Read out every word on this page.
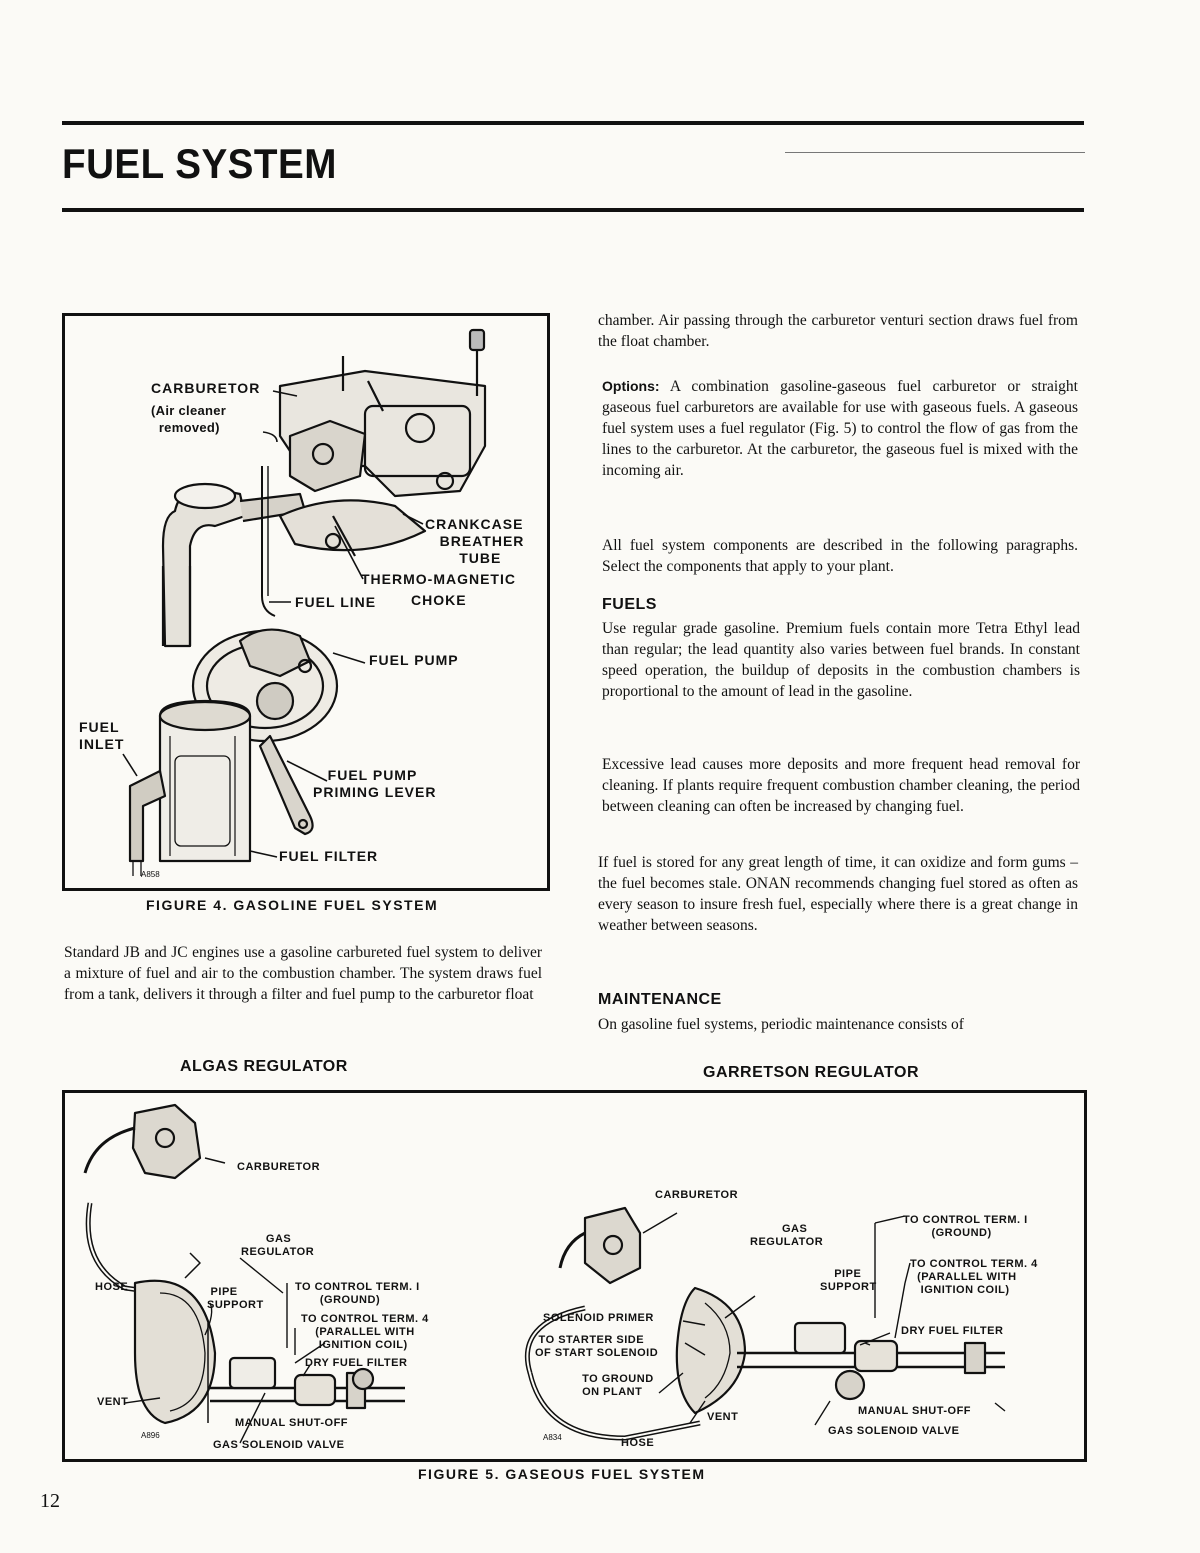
FUEL SYSTEM
CARBURETOR
(Air cleaner
removed)
CRANKCASE
BREATHER
TUBE
THERMO-MAGNETIC
CHOKE
FUEL LINE
FUEL PUMP
FUEL
INLET
FUEL PUMP
PRIMING LEVER
FUEL FILTER
A858
FIGURE 4. GASOLINE FUEL SYSTEM

Standard JB and JC engines use a gasoline carbureted fuel system to deliver a mixture of fuel and air to the combustion chamber. The system draws fuel from a tank, delivers it through a filter and fuel pump to the carburetor float

chamber. Air passing through the carburetor venturi section draws fuel from the float chamber.

Options: A combination gasoline-gaseous fuel carburetor or straight gaseous fuel carburetors are available for use with gaseous fuels. A gaseous fuel system uses a fuel regulator (Fig. 5) to control the flow of gas from the lines to the carburetor. At the carburetor, the gaseous fuel is mixed with the incoming air.

All fuel system components are described in the following paragraphs. Select the components that apply to your plant.

FUELS

Use regular grade gasoline. Premium fuels contain more Tetra Ethyl lead than regular; the lead quantity also varies between fuel brands. In constant speed operation, the buildup of deposits in the combustion chambers is proportional to the amount of lead in the gasoline.

Excessive lead causes more deposits and more frequent head removal for cleaning. If plants require frequent combustion chamber cleaning, the period between cleaning can often be increased by changing fuel.

If fuel is stored for any great length of time, it can oxidize and form gums – the fuel becomes stale. ONAN recommends changing fuel stored as often as every season to insure fresh fuel, especially where there is a great change in weather between seasons.

MAINTENANCE

On gasoline fuel systems, periodic maintenance consists of

ALGAS REGULATOR	GARRETSON REGULATOR
CARBURETOR
GAS
REGULATOR
HOSE	PIPE
SUPPORT
TO CONTROL TERM. I
(GROUND)
TO CONTROL TERM. 4
(PARALLEL WITH
IGNITION COIL)
DRY FUEL FILTER
VENT
MANUAL SHUT-OFF
GAS SOLENOID VALVE
A896
CARBURETOR
GAS
REGULATOR
PIPE
SUPPORT
TO CONTROL TERM. I
(GROUND)
TO CONTROL TERM. 4
(PARALLEL WITH
IGNITION COIL)
DRY FUEL FILTER
SOLENOID PRIMER
TO STARTER SIDE
OF START SOLENOID
TO GROUND
ON PLANT
VENT
HOSE
MANUAL SHUT-OFF
GAS SOLENOID VALVE
A834
FIGURE 5. GASEOUS FUEL SYSTEM
12
